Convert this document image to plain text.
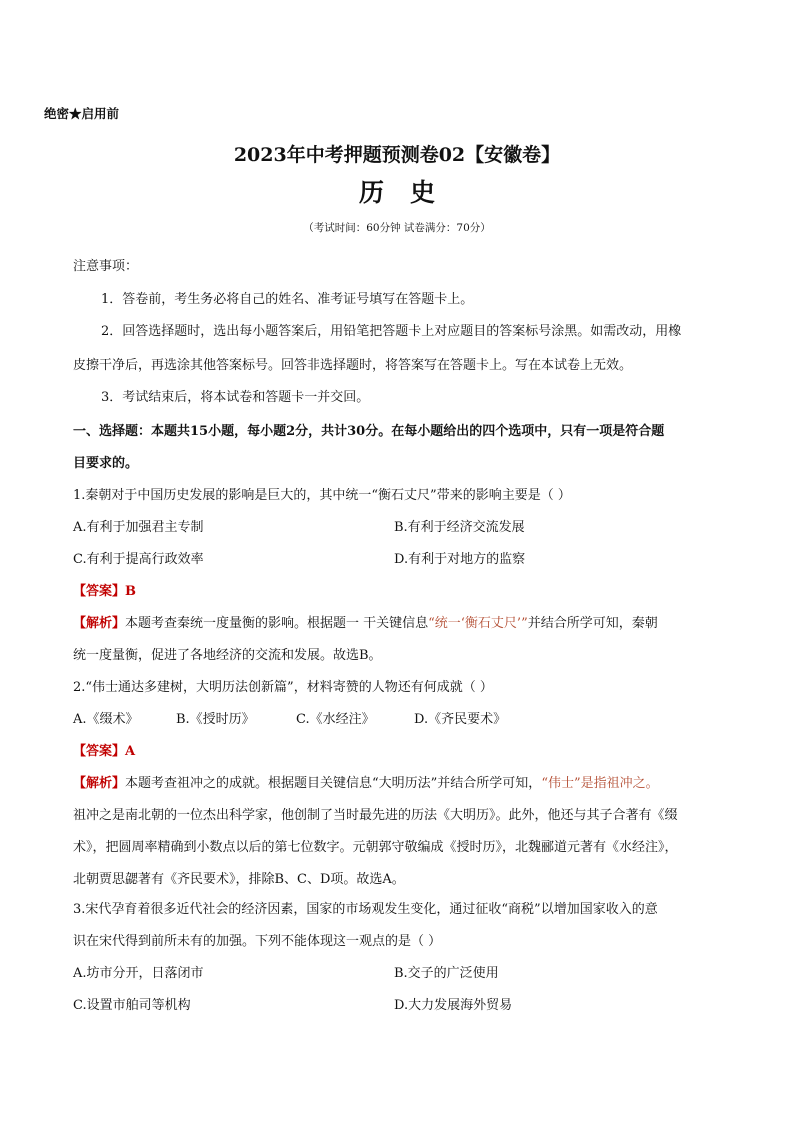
绝密★启用前
2023年中考押题预测卷02【安徽卷】
历史
（考试时间：60分钟 试卷满分：70分）
注意事项：
1．答卷前，考生务必将自己的姓名、准考证号填写在答题卡上。
2．回答选择题时，选出每小题答案后，用铅笔把答题卡上对应题目的答案标号涂黑。如需改动，用橡
皮擦干净后，再选涂其他答案标号。回答非选择题时，将答案写在答题卡上。写在本试卷上无效。
3．考试结束后，将本试卷和答题卡一并交回。
一、选择题：本题共15小题，每小题2分，共计30分。在每小题给出的四个选项中，只有一项是符合题
目要求的。
1.秦朝对于中国历史发展的影响是巨大的，其中统一“衡石丈尺”带来的影响主要是（ ）
A.有利于加强君主专制	B.有利于经济交流发展
C.有利于提高行政效率	D.有利于对地方的监察
【答案】B
【解析】本题考查秦统一度量衡的影响。根据题一 干关键信息“统一‘衡石丈尺’”并结合所学可知，秦朝
统一度量衡，促进了各地经济的交流和发展。故选B。
2.“伟士通达多建树，大明历法创新篇”，材料寄赞的人物还有何成就（ ）
A.《缀术》	B.《授时历》	C.《水经注》	D.《齐民要术》
【答案】A
【解析】本题考查祖冲之的成就。根据题目关键信息“大明历法”并结合所学可知，“伟士”是指祖冲之。
祖冲之是南北朝的一位杰出科学家，他创制了当时最先进的历法《大明历》。此外，他还与其子合著有《缀
术》，把圆周率精确到小数点以后的第七位数字。元朝郭守敬编成《授时历》，北魏郦道元著有《水经注》，
北朝贾思勰著有《齐民要术》，排除B、C、D项。故选A。
3.宋代孕育着很多近代社会的经济因素，国家的市场观发生变化，通过征收“商税”以增加国家收入的意
识在宋代得到前所未有的加强。下列不能体现这一观点的是（ ）
A.坊市分开，日落闭市	B.交子的广泛使用
C.设置市舶司等机构	D.大力发展海外贸易
